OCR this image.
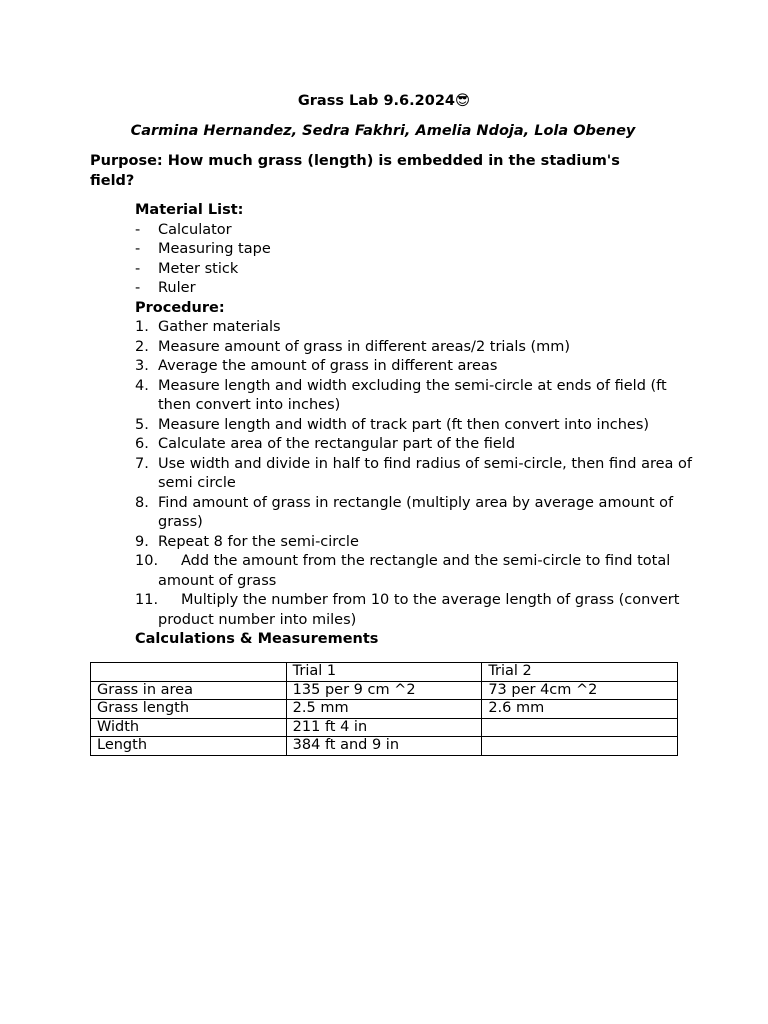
Grass Lab 9.6.2024😎
Carmina Hernandez, Sedra Fakhri, Amelia Ndoja, Lola Obeney
Purpose: How much grass (length) is embedded in the stadium's field?
Material List:
-	Calculator
-	Measuring tape
-	Meter stick
-	Ruler
Procedure:
1. Gather materials
2. Measure amount of grass in different areas/2 trials (mm)
3. Average the amount of grass in different areas
4. Measure length and width excluding the semi-circle at ends of field (ft then convert into inches)
5. Measure length and width of track part (ft then convert into inches)
6. Calculate area of the rectangular part of the field
7. Use width and divide in half to find radius of semi-circle, then find area of semi circle
8. Find amount of grass in rectangle (multiply area by average amount of grass)
9. Repeat 8 for the semi-circle
10.	Add the amount from the rectangle and the semi-circle to find total amount of grass
11.	Multiply the number from 10 to the average length of grass (convert product number into miles)
Calculations & Measurements
	Trial 1	Trial 2
Grass in area	135 per 9 cm ^2	73 per 4cm ^2
Grass length	2.5 mm	2.6 mm
Width	211 ft 4 in	
Length	384 ft and 9 in	
